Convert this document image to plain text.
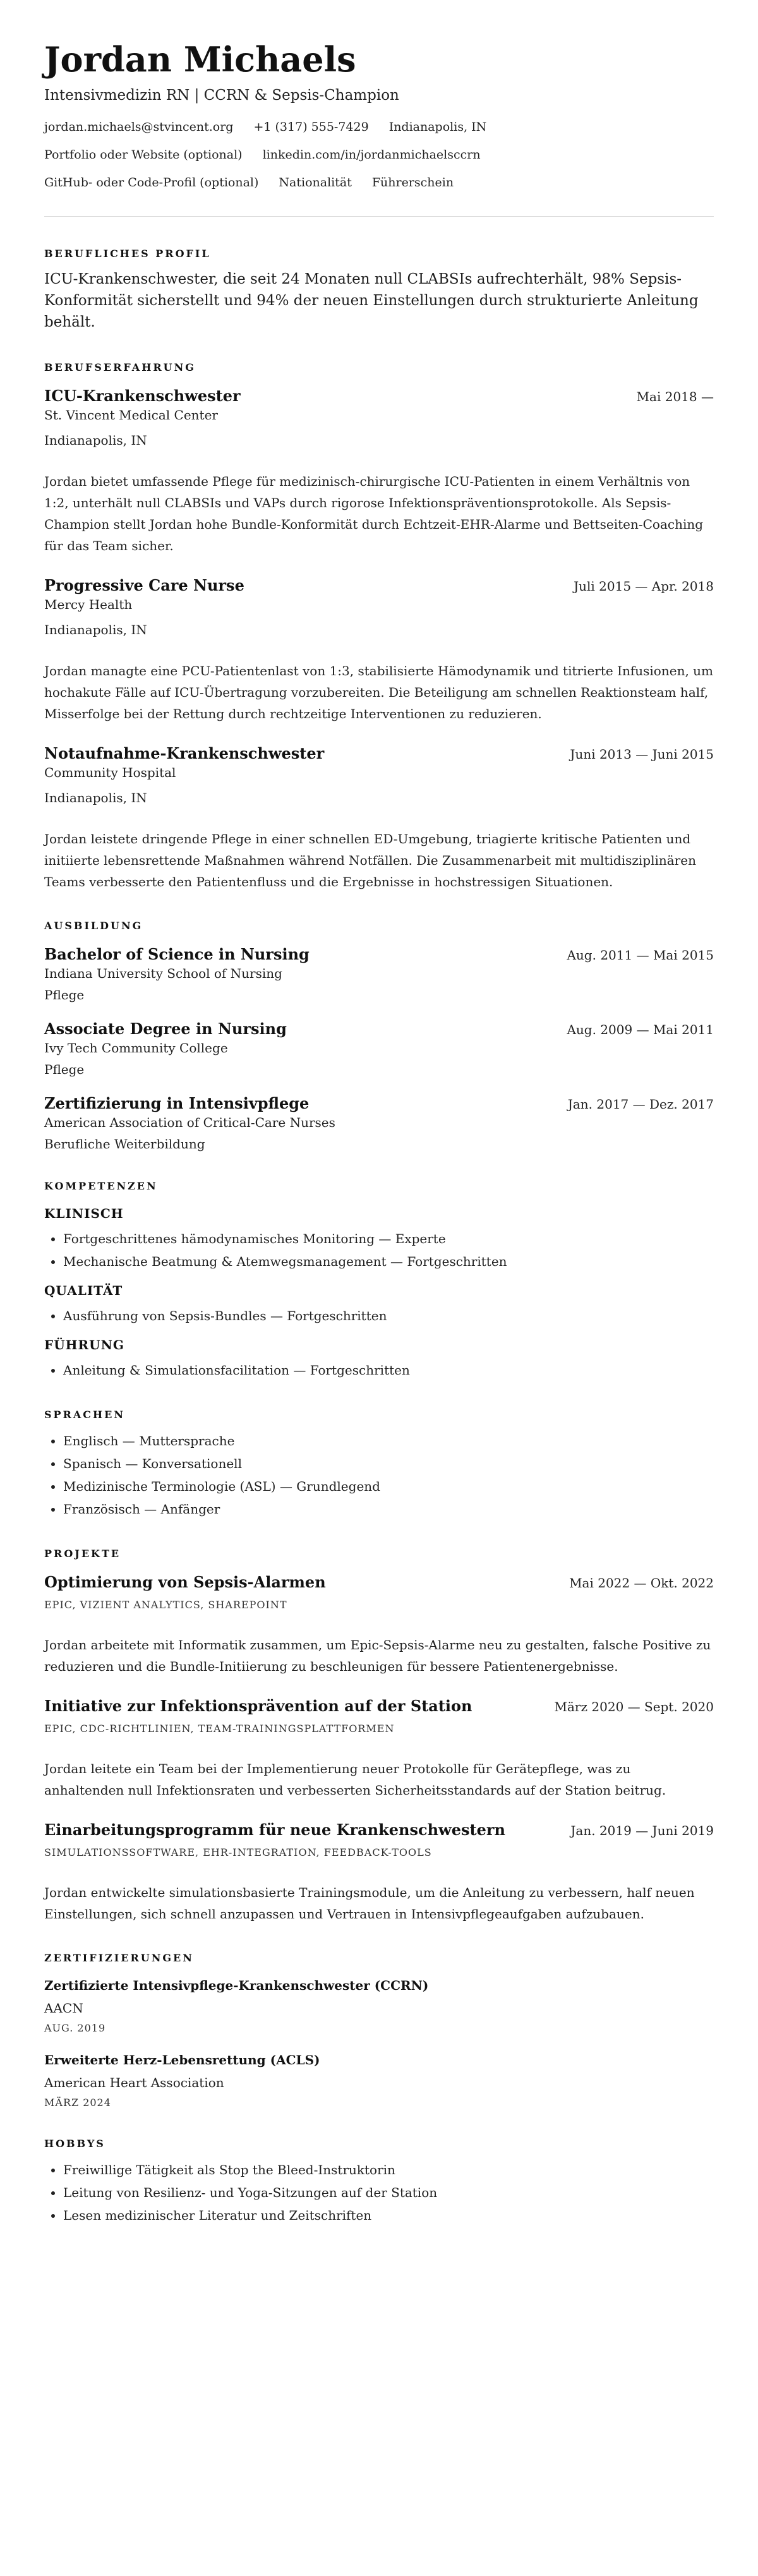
Jordan Michaels
Intensivmedizin RN | CCRN & Sepsis-Champion
jordan.michaels@stvincent.org +1 (317) 555-7429 Indianapolis, IN
Portfolio oder Website (optional) linkedin.com/in/jordanmichaelsccrn
GitHub- oder Code-Profil (optional) Nationalität Führerschein
BERUFLICHES PROFIL
ICU-Krankenschwester, die seit 24 Monaten null CLABSIs aufrechterhält, 98% Sepsis-Konformität sicherstellt und 94% der neuen Einstellungen durch strukturierte Anleitung behält.
BERUFSERFAHRUNG
ICU-Krankenschwester	Mai 2018 —
St. Vincent Medical Center
Indianapolis, IN
Jordan bietet umfassende Pflege für medizinisch-chirurgische ICU-Patienten in einem Verhältnis von 1:2, unterhält null CLABSIs und VAPs durch rigorose Infektionspräventionsprotokolle. Als Sepsis-Champion stellt Jordan hohe Bundle-Konformität durch Echtzeit-EHR-Alarme und Bettseiten-Coaching für das Team sicher.
Progressive Care Nurse	Juli 2015 — Apr. 2018
Mercy Health
Indianapolis, IN
Jordan managte eine PCU-Patientenlast von 1:3, stabilisierte Hämodynamik und titrierte Infusionen, um hochakute Fälle auf ICU-Übertragung vorzubereiten. Die Beteiligung am schnellen Reaktionsteam half, Misserfolge bei der Rettung durch rechtzeitige Interventionen zu reduzieren.
Notaufnahme-Krankenschwester	Juni 2013 — Juni 2015
Community Hospital
Indianapolis, IN
Jordan leistete dringende Pflege in einer schnellen ED-Umgebung, triagierte kritische Patienten und initiierte lebensrettende Maßnahmen während Notfällen. Die Zusammenarbeit mit multidisziplinären Teams verbesserte den Patientenfluss und die Ergebnisse in hochstressigen Situationen.
AUSBILDUNG
Bachelor of Science in Nursing	Aug. 2011 — Mai 2015
Indiana University School of Nursing
Pflege
Associate Degree in Nursing	Aug. 2009 — Mai 2011
Ivy Tech Community College
Pflege
Zertifizierung in Intensivpflege	Jan. 2017 — Dez. 2017
American Association of Critical-Care Nurses
Berufliche Weiterbildung
KOMPETENZEN
KLINISCH
• Fortgeschrittenes hämodynamisches Monitoring — Experte
• Mechanische Beatmung & Atemwegsmanagement — Fortgeschritten
QUALITÄT
• Ausführung von Sepsis-Bundles — Fortgeschritten
FÜHRUNG
• Anleitung & Simulationsfacilitation — Fortgeschritten
SPRACHEN
• Englisch — Muttersprache
• Spanisch — Konversationell
• Medizinische Terminologie (ASL) — Grundlegend
• Französisch — Anfänger
PROJEKTE
Optimierung von Sepsis-Alarmen	Mai 2022 — Okt. 2022
EPIC, VIZIENT ANALYTICS, SHAREPOINT
Jordan arbeitete mit Informatik zusammen, um Epic-Sepsis-Alarme neu zu gestalten, falsche Positive zu reduzieren und die Bundle-Initiierung zu beschleunigen für bessere Patientenergebnisse.
Initiative zur Infektionsprävention auf der Station	März 2020 — Sept. 2020
EPIC, CDC-RICHTLINIEN, TEAM-TRAININGSPLATTFORMEN
Jordan leitete ein Team bei der Implementierung neuer Protokolle für Gerätepflege, was zu anhaltenden null Infektionsraten und verbesserten Sicherheitsstandards auf der Station beitrug.
Einarbeitungsprogramm für neue Krankenschwestern	Jan. 2019 — Juni 2019
SIMULATIONSSOFTWARE, EHR-INTEGRATION, FEEDBACK-TOOLS
Jordan entwickelte simulationsbasierte Trainingsmodule, um die Anleitung zu verbessern, half neuen Einstellungen, sich schnell anzupassen und Vertrauen in Intensivpflegeaufgaben aufzubauen.
ZERTIFIZIERUNGEN
Zertifizierte Intensivpflege-Krankenschwester (CCRN)
AACN
AUG. 2019
Erweiterte Herz-Lebensrettung (ACLS)
American Heart Association
MÄRZ 2024
HOBBYS
• Freiwillige Tätigkeit als Stop the Bleed-Instruktorin
• Leitung von Resilienz- und Yoga-Sitzungen auf der Station
• Lesen medizinischer Literatur und Zeitschriften
